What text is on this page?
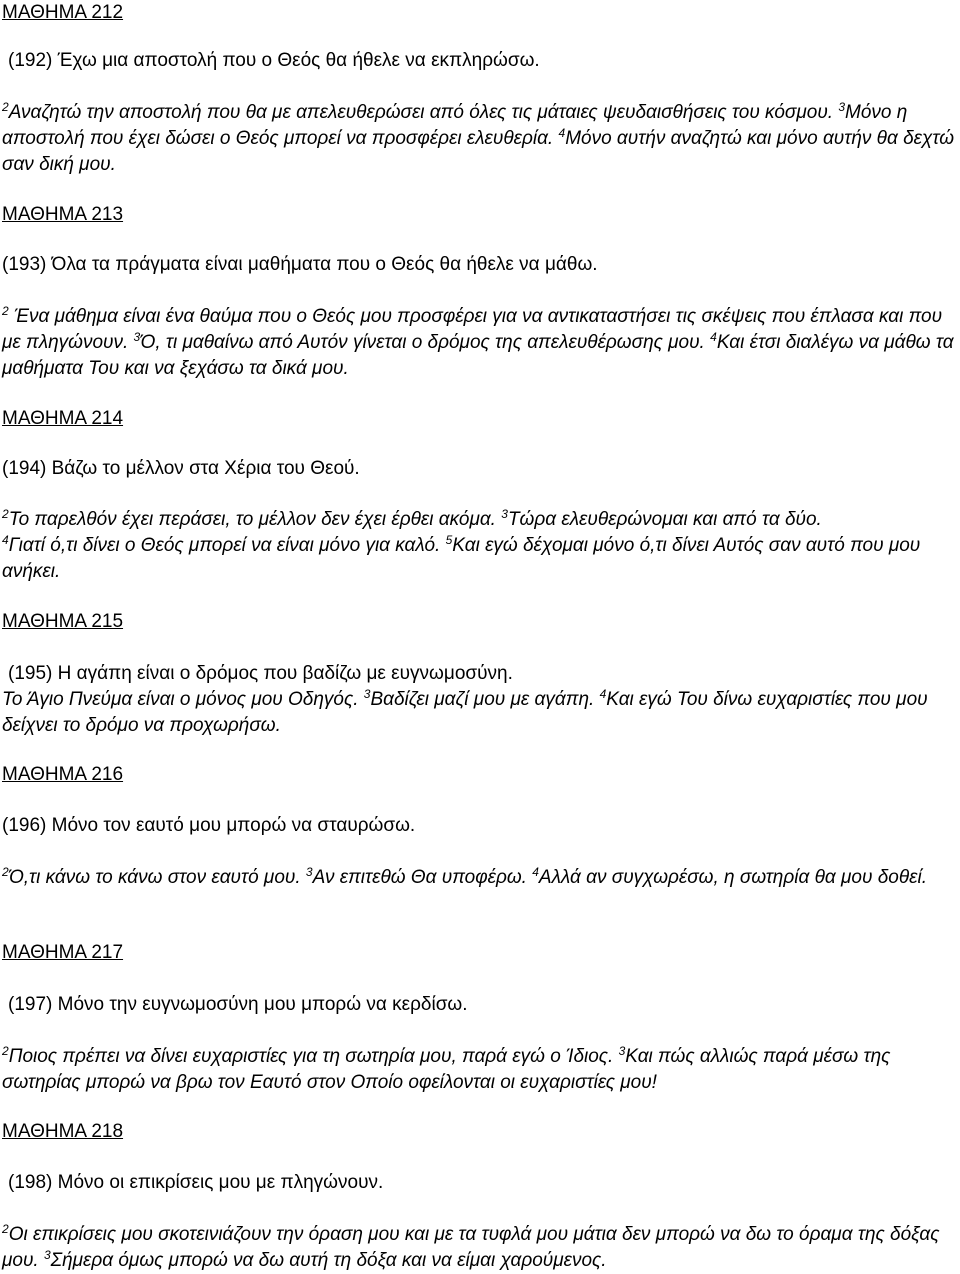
ΜΑΘΗΜΑ 212
(192) Έχω μια αποστολή που ο Θεός θα ήθελε να εκπληρώσω.

$^2$Αναζητώ την αποστολή που θα με απελευθερώσει από όλες τις μάταιες ψευδαισθήσεις του κόσμου. $^3$Μόνο η αποστολή που έχει δώσει ο Θεός μπορεί να προσφέρει ελευθερία. $^4$Μόνο αυτήν αναζητώ και μόνο αυτήν θα δεχτώ σαν δική μου.

ΜΑΘΗΜΑ 213
(193) Όλα τα πράγματα είναι μαθήματα που ο Θεός θα ήθελε να μάθω.

$^2$ Ένα μάθημα είναι ένα θαύμα που ο Θεός μου προσφέρει για να αντικαταστήσει τις σκέψεις που έπλασα και που με πληγώνουν. $^3$Ό, τι μαθαίνω από Αυτόν γίνεται ο δρόμος της απελευθέρωσης μου. $^4$Και έτσι διαλέγω να μάθω τα μαθήματα Του και να ξεχάσω τα δικά μου.

ΜΑΘΗΜΑ 214
(194) Βάζω το μέλλον στα Χέρια του Θεού.

$^2$Το παρελθόν έχει περάσει, το μέλλον δεν έχει έρθει ακόμα. $^3$Τώρα ελευθερώνομαι και από τα δύο.
$^4$Γιατί ό,τι δίνει ο Θεός μπορεί να είναι μόνο για καλό. $^5$Και εγώ δέχομαι μόνο ό,τι δίνει Αυτός σαν αυτό που μου ανήκει.

ΜΑΘΗΜΑ 215
(195) Η αγάπη είναι ο δρόμος που βαδίζω με ευγνωμοσύνη.

Το Άγιο Πνεύμα είναι ο μόνος μου Οδηγός. $^3$Βαδίζει μαζί μου με αγάπη. $^4$Και εγώ Του δίνω ευχαριστίες που μου δείχνει το δρόμο να προχωρήσω.

ΜΑΘΗΜΑ 216
(196) Μόνο τον εαυτό μου μπορώ να σταυρώσω.

$^2$Ό,τι κάνω το κάνω στον εαυτό μου. $^3$Αν επιτεθώ Θα υποφέρω. $^4$Αλλά αν συγχωρέσω, η σωτηρία θα μου δοθεί.

ΜΑΘΗΜΑ 217
(197) Μόνο την ευγνωμοσύνη μου μπορώ να κερδίσω.

$^2$Ποιος πρέπει να δίνει ευχαριστίες για τη σωτηρία μου, παρά εγώ ο Ίδιος. $^3$Και πώς αλλιώς παρά μέσω της σωτηρίας μπορώ να βρω τον Εαυτό στον Οποίο οφείλονται οι ευχαριστίες μου!

ΜΑΘΗΜΑ 218
(198) Μόνο οι επικρίσεις μου με πληγώνουν.

$^2$Οι επικρίσεις μου σκοτεινιάζουν την όραση μου και με τα τυφλά μου μάτια δεν μπορώ να δω το όραμα της δόξας μου. $^3$Σήμερα όμως μπορώ να δω αυτή τη δόξα και να είμαι χαρούμενος.
